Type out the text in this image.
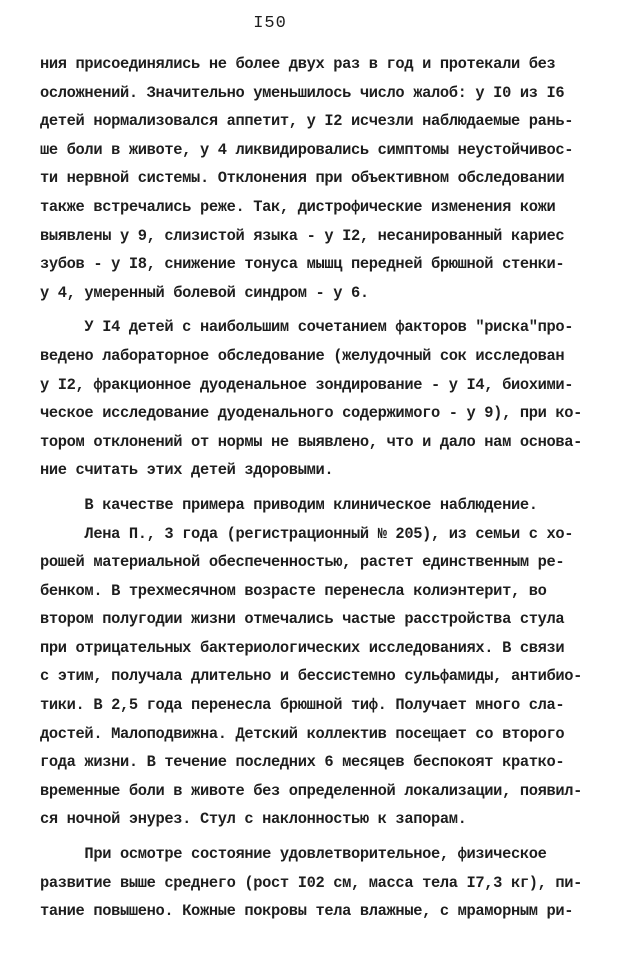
I50
ния присоединялись не более двух раз в год и протекали без
осложнений. Значительно уменьшилось число жалоб: у I0 из I6
детей нормализовался аппетит, у I2 исчезли наблюдаемые рань-
ше боли в животе, у 4 ликвидировались симптомы неустойчивос-
ти нервной системы. Отклонения при объективном обследовании
также встречались реже. Так, дистрофические изменения кожи
выявлены у 9, слизистой языка - у I2, несанированный кариес
зубов - у I8, снижение тонуса мышц передней брюшной стенки-
у 4, умеренный болевой синдром - у 6.
У I4 детей с наибольшим сочетанием факторов "риска"про-
ведено лабораторное обследование (желудочный сок исследован
у I2, фракционное дуоденальное зондирование - у I4, биохими-
ческое исследование дуоденального содержимого - у 9), при ко-
тором отклонений от нормы не выявлено, что и дало нам основа-
ние считать этих детей здоровыми.
В качестве примера приводим клиническое наблюдение.
Лена П., 3 года (регистрационный № 205), из семьи с хо-
рошей материальной обеспеченностью, растет единственным ре-
бенком. В трехмесячном возрасте перенесла колиэнтерит, во
втором полугодии жизни отмечались частые расстройства стула
при отрицательных бактериологических исследованиях. В связи
с этим, получала длительно и бессистемно сульфамиды, антибио-
тики. В 2,5 года перенесла брюшной тиф. Получает много сла-
достей. Малоподвижна. Детский коллектив посещает со второго
года жизни. В течение последних 6 месяцев беспокоят кратко-
временные боли в животе без определенной локализации, появил-
ся ночной энурез. Стул с наклонностью к запорам.
При осмотре состояние удовлетворительное, физическое
развитие выше среднего (рост I02 см, масса тела I7,3 кг), пи-
тание повышено. Кожные покровы тела влажные, с мраморным ри-
